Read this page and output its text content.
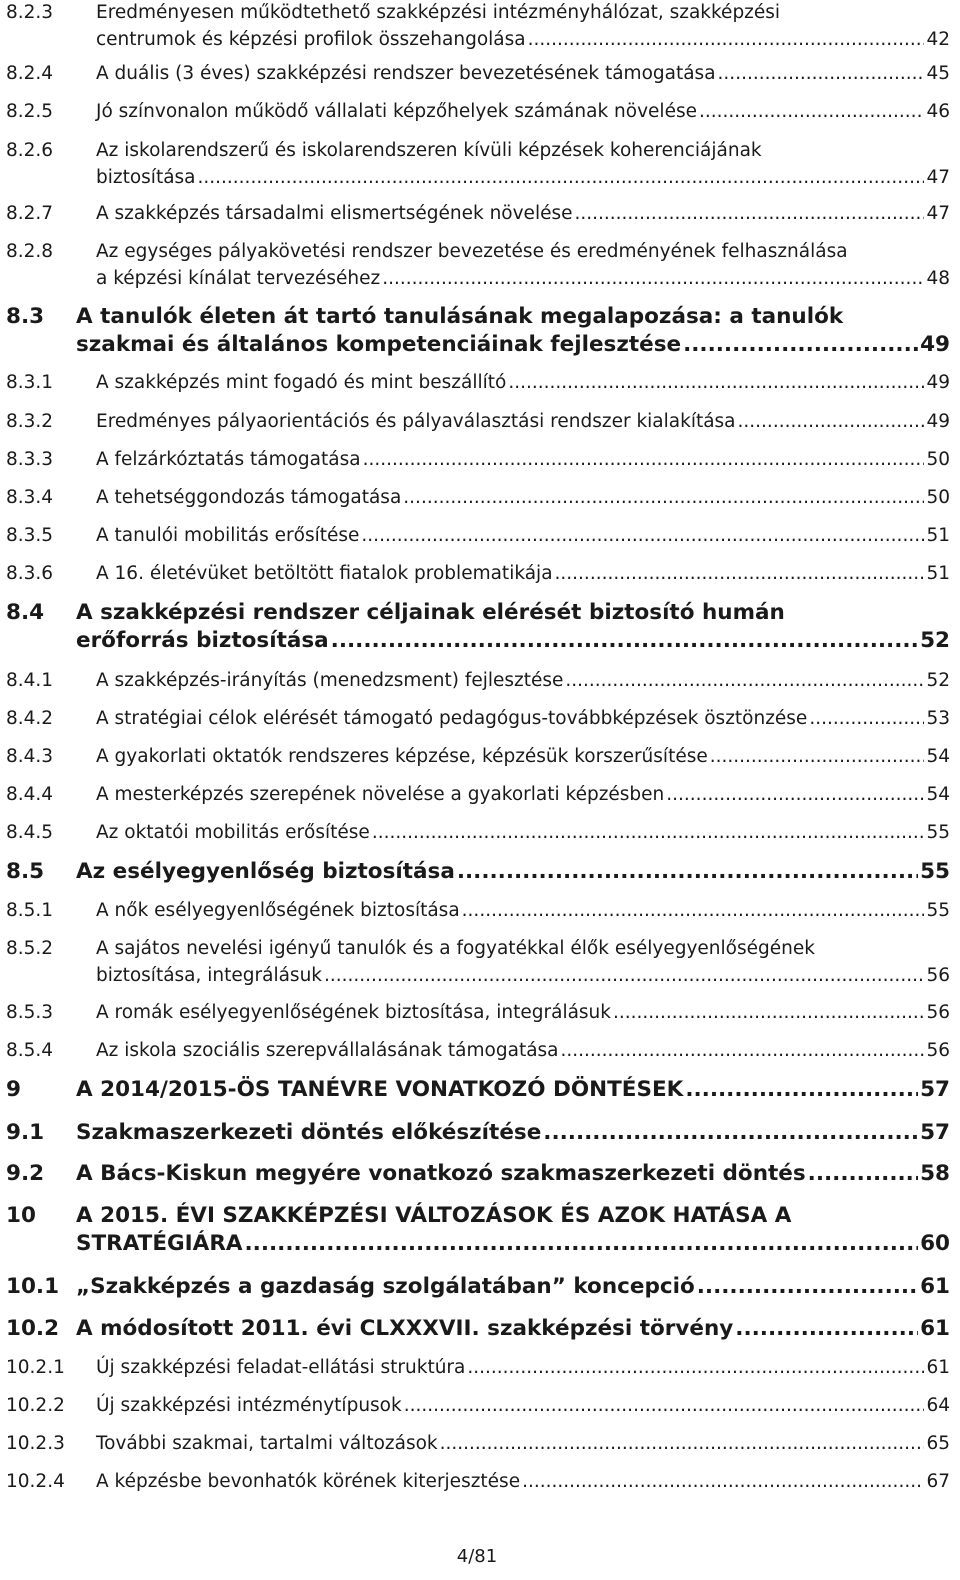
8.2.3 Eredményesen működtethető szakképzési intézményhálózat, szakképzési
centrumok és képzési profilok összehangolása .....	42
8.2.4 A duális (3 éves) szakképzési rendszer bevezetésének támogatása .....	45
8.2.5 Jó színvonalon működő vállalati képzőhelyek számának növelése .....	46
8.2.6 Az iskolarendszerű és iskolarendszeren kívüli képzések koherenciájának
biztosítása .....	47
8.2.7 A szakképzés társadalmi elismertségének növelése .....	47
8.2.8 Az egységes pályakövetési rendszer bevezetése és eredményének felhasználása
a képzési kínálat tervezéséhez .....	48
8.3 A tanulók életen át tartó tanulásának megalapozása: a tanulók
szakmai és általános kompetenciáinak fejlesztése .....	49
8.3.1 A szakképzés mint fogadó és mint beszállító .....	49
8.3.2 Eredményes pályaorientációs és pályaválasztási rendszer kialakítása .....	49
8.3.3 A felzárkóztatás támogatása .....	50
8.3.4 A tehetséggondozás támogatása .....	50
8.3.5 A tanulói mobilitás erősítése .....	51
8.3.6 A 16. életévüket betöltött fiatalok problematikája .....	51
8.4 A szakképzési rendszer céljainak elérését biztosító humán
erőforrás biztosítása .....	52
8.4.1 A szakképzés-irányítás (menedzsment) fejlesztése .....	52
8.4.2 A stratégiai célok elérését támogató pedagógus-továbbképzések ösztönzése .....	53
8.4.3 A gyakorlati oktatók rendszeres képzése, képzésük korszerűsítése .....	54
8.4.4 A mesterképzés szerepének növelése a gyakorlati képzésben .....	54
8.4.5 Az oktatói mobilitás erősítése .....	55
8.5 Az esélyegyenlőség biztosítása .....	55
8.5.1 A nők esélyegyenlőségének biztosítása .....	55
8.5.2 A sajátos nevelési igényű tanulók és a fogyatékkal élők esélyegyenlőségének
biztosítása, integrálásuk .....	56
8.5.3 A romák esélyegyenlőségének biztosítása, integrálásuk .....	56
8.5.4 Az iskola szociális szerepvállalásának támogatása .....	56
9	A 2014/2015-ÖS TANÉVRE VONATKOZÓ DÖNTÉSEK .....	57
9.1 Szakmaszerkezeti döntés előkészítése .....	57
9.2 A Bács-Kiskun megyére vonatkozó szakmaszerkezeti döntés .....	58
10 A 2015. ÉVI SZAKKÉPZÉSI VÁLTOZÁSOK ÉS AZOK HATÁSA A
STRATÉGIÁRA .....	60
10.1 „Szakképzés a gazdaság szolgálatában” koncepció .....	61
10.2 A módosított 2011. évi CLXXXVII. szakképzési törvény .....	61
10.2.1 Új szakképzési feladat-ellátási struktúra .....	61
10.2.2 Új szakképzési intézménytípusok .....	64
10.2.3 További szakmai, tartalmi változások .....	65
10.2.4 A képzésbe bevonhatók körének kiterjesztése .....	67
4/81
